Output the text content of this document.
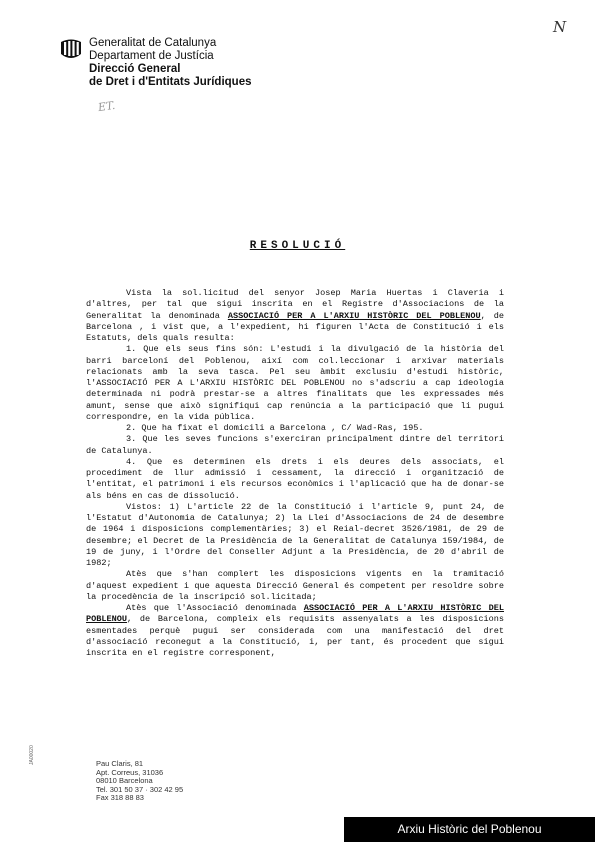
N
Generalitat de Catalunya
Departament de Justícia
Direcció General
de Dret i d'Entitats Jurídiques
ET.
RESOLUCIÓ

Vista la sol.licitud del senyor Josep Maria Huertas i Claveria i d'altres, per tal que sigui inscrita en el Registre d'Associacions de la Generalitat la denominada ASSOCIACIÓ PER A L'ARXIU HISTÒRIC DEL POBLENOU, de Barcelona , i vist que, a l'expedient, hi figuren l'Acta de Constitució i els Estatuts, dels quals resulta:

1. Que els seus fins són: L'estudi i la divulgació de la història del barri barceloní del Poblenou, així com col.leccionar i arxivar materials relacionats amb la seva tasca. Pel seu àmbit exclusiu d'estudi històric, l'ASSOCIACIÓ PER A L'ARXIU HISTÒRIC DEL POBLENOU no s'adscriu a cap ideologia determinada ni podrà prestar-se a altres finalitats que les expressades més amunt, sense que això signifiqui cap renúncia a la participació que li pugui correspondre, en la vida pública.

2. Que ha fixat el domicili a Barcelona , C/ Wad-Ras, 195.

3. Que les seves funcions s'exerciran principalment dintre del territori de Catalunya.

4. Que es determinen els drets i els deures dels associats, el procediment de llur admissió i cessament, la direcció i organització de l'entitat, el patrimoni i els recursos econòmics i l'aplicació que ha de donar-se als béns en cas de dissolució.

Vistos: 1) L'article 22 de la Constitució i l'article 9, punt 24, de l'Estatut d'Autonomia de Catalunya; 2) la Llei d'Associacions de 24 de desembre de 1964 i disposicions complementàries; 3) el Reial-decret 3526/1981, de 29 de desembre; el Decret de la Presidència de la Generalitat de Catalunya 159/1984, de 19 de juny, i l'Ordre del Conseller Adjunt a la Presidència, de 20 d'abril de 1982;

Atès que s'han complert les disposicions vigents en la tramitació d'aquest expedient i que aquesta Direcció General és competent per resoldre sobre la procedència de la inscripció sol.licitada;

Atès que l'Associació denominada ASSOCIACIÓ PER A L'ARXIU HISTÒRIC DEL POBLENOU, de Barcelona, compleix els requisits assenyalats a les disposicions esmentades perquè pugui ser considerada com una manifestació del dret d'associació reconegut a la Constitució, i, per tant, és procedent que sigui inscrita en el registre corresponent,

JA00020	Pau Claris, 81
Apt. Correus, 31036
08010 Barcelona
Tel. 301 50 37 · 302 42 95
Fax 318 88 83
Arxiu Històric del Poblenou
